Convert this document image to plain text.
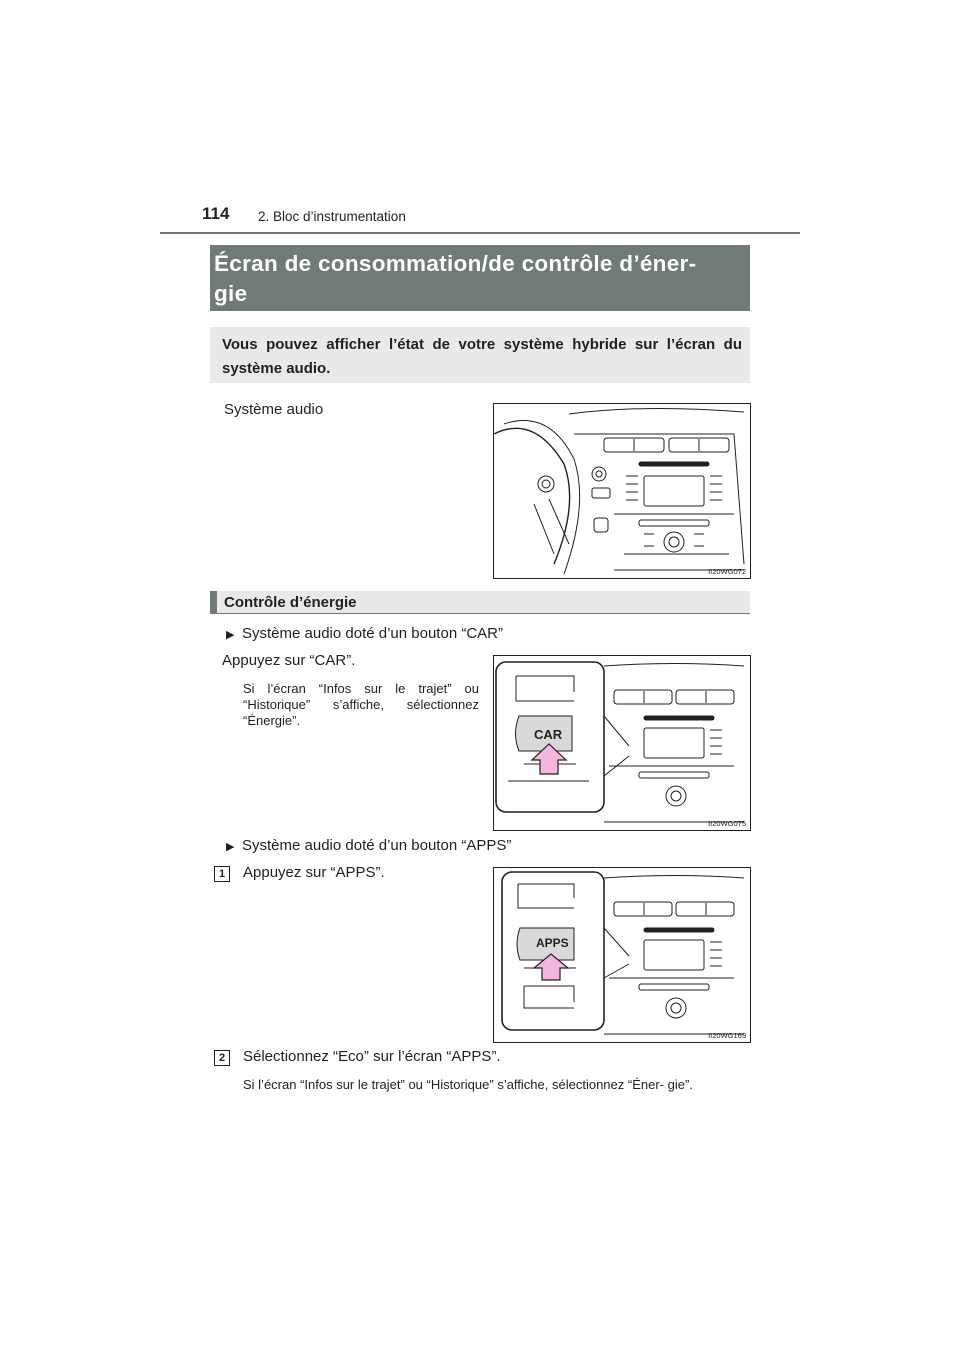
114 2. Bloc d’instrumentation
Écran de consommation/de contrôle d’éner-
gie
Vous pouvez afficher l’état de votre système hybride sur l’écran du système audio.
Système audio
II20WG072
Contrôle d’énergie
▶ Système audio doté d’un bouton “CAR”
Appuyez sur “CAR”.
Si l’écran “Infos sur le trajet” ou “Historique” s’affiche, sélectionnez “Énergie”.
CAR
II20WG075
▶ Système audio doté d’un bouton “APPS”
1	Appuyez sur “APPS”.
APPS
II20WG169
2	Sélectionnez “Eco” sur l’écran “APPS”.
Si l’écran “Infos sur le trajet” ou “Historique” s’affiche, sélectionnez “Éner- gie”.
